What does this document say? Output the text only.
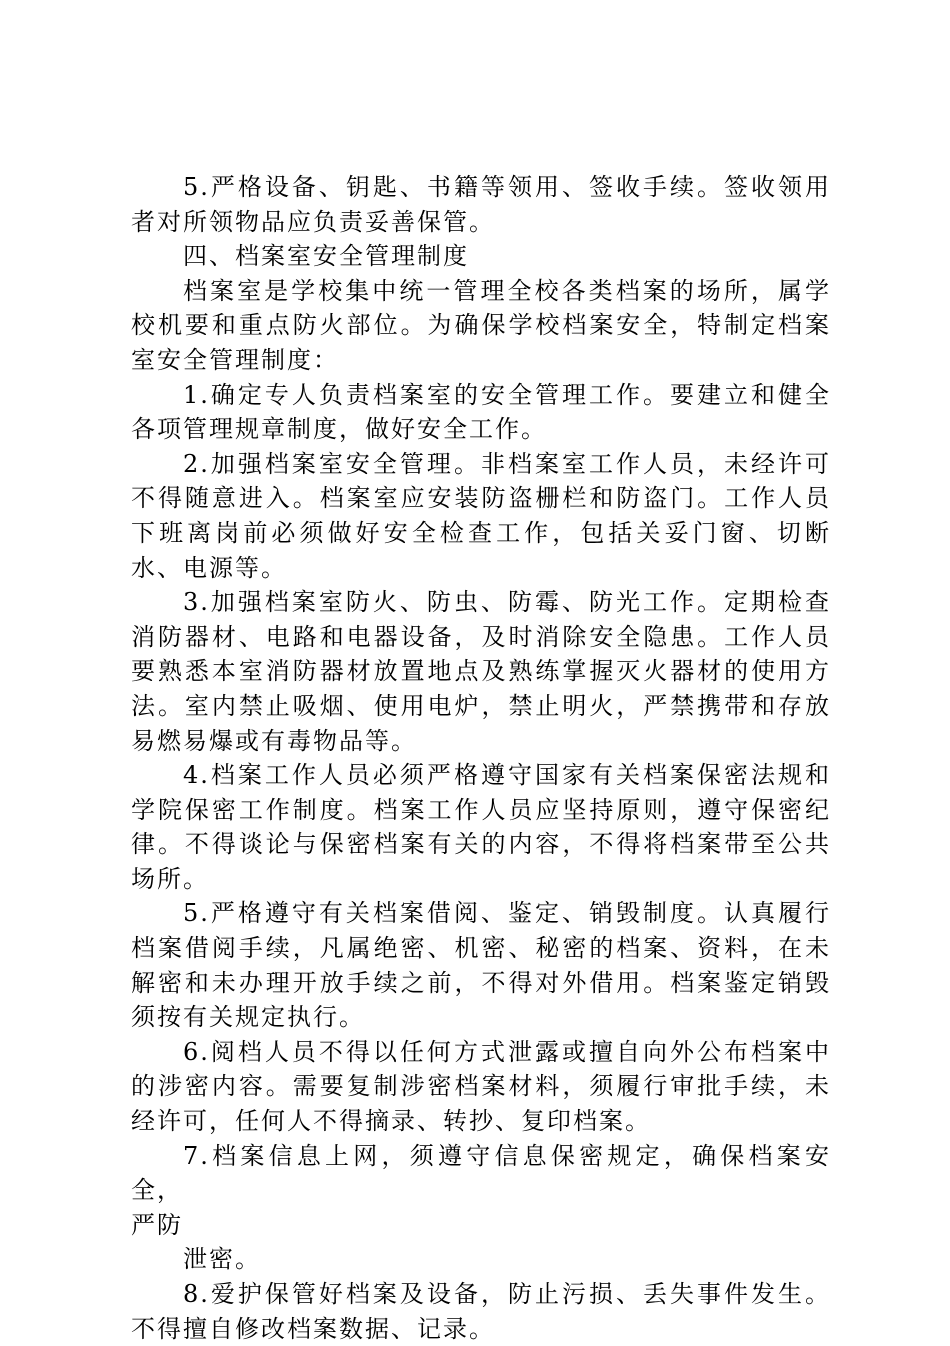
5.严格设备、钥匙、书籍等领用、签收手续。签收领用者对所领物品应负责妥善保管。

四、档案室安全管理制度

档案室是学校集中统一管理全校各类档案的场所，属学校机要和重点防火部位。为确保学校档案安全，特制定档案室安全管理制度：

1.确定专人负责档案室的安全管理工作。要建立和健全各项管理规章制度，做好安全工作。

2.加强档案室安全管理。非档案室工作人员，未经许可不得随意进入。档案室应安装防盗栅栏和防盗门。工作人员下班离岗前必须做好安全检查工作，包括关妥门窗、切断水、电源等。

3.加强档案室防火、防虫、防霉、防光工作。定期检查消防器材、电路和电器设备，及时消除安全隐患。工作人员要熟悉本室消防器材放置地点及熟练掌握灭火器材的使用方法。室内禁止吸烟、使用电炉，禁止明火，严禁携带和存放易燃易爆或有毒物品等。

4.档案工作人员必须严格遵守国家有关档案保密法规和学院保密工作制度。档案工作人员应坚持原则，遵守保密纪律。不得谈论与保密档案有关的内容，不得将档案带至公共场所。

5.严格遵守有关档案借阅、鉴定、销毁制度。认真履行档案借阅手续，凡属绝密、机密、秘密的档案、资料，在未解密和未办理开放手续之前，不得对外借用。档案鉴定销毁须按有关规定执行。

6.阅档人员不得以任何方式泄露或擅自向外公布档案中的涉密内容。需要复制涉密档案材料，须履行审批手续，未经许可，任何人不得摘录、转抄、复印档案。

7.档案信息上网，须遵守信息保密规定，确保档案安全，

严防

泄密。

8.爱护保管好档案及设备，防止污损、丢失事件发生。不得擅自修改档案数据、记录。
